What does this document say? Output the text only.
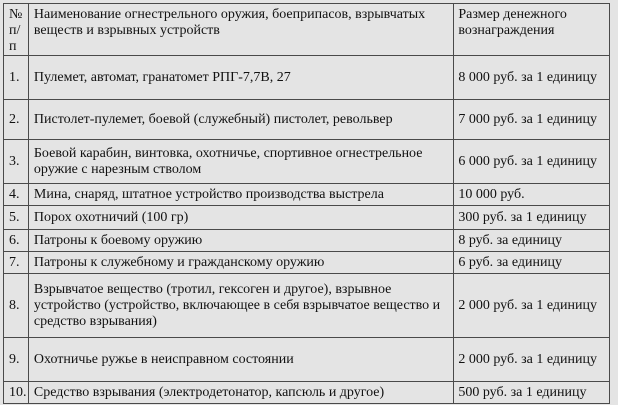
№ п/п	Наименование огнестрельного оружия, боеприпасов, взрывчатых веществ и взрывных устройств	Размер денежного вознаграждения
1.	Пулемет, автомат, гранатомет РПГ-7,7В, 27	8 000 руб. за 1 единицу
2.	Пистолет-пулемет, боевой (служебный) пистолет, револьвер	7 000 руб. за 1 единицу
3.	Боевой карабин, винтовка, охотничье, спортивное огнестрельное оружие с нарезным стволом	6 000 руб. за 1 единицу
4.	Мина, снаряд, штатное устройство производства выстрела	10 000 руб.
5.	Порох охотничий (100 гр)	300 руб. за 1 единицу
6.	Патроны к боевому оружию	8 руб. за единицу
7.	Патроны к служебному и гражданскому оружию	6 руб. за единицу
8.	Взрывчатое вещество (тротил, гексоген и другое), взрывное устройство (устройство, включающее в себя взрывчатое вещество и средство взрывания)	2 000 руб. за 1 единицу
9.	Охотничье ружье в неисправном состоянии	2 000 руб. за 1 единицу
10.	Средство взрывания (электродетонатор, капсюль и другое)	500 руб. за 1 единицу
